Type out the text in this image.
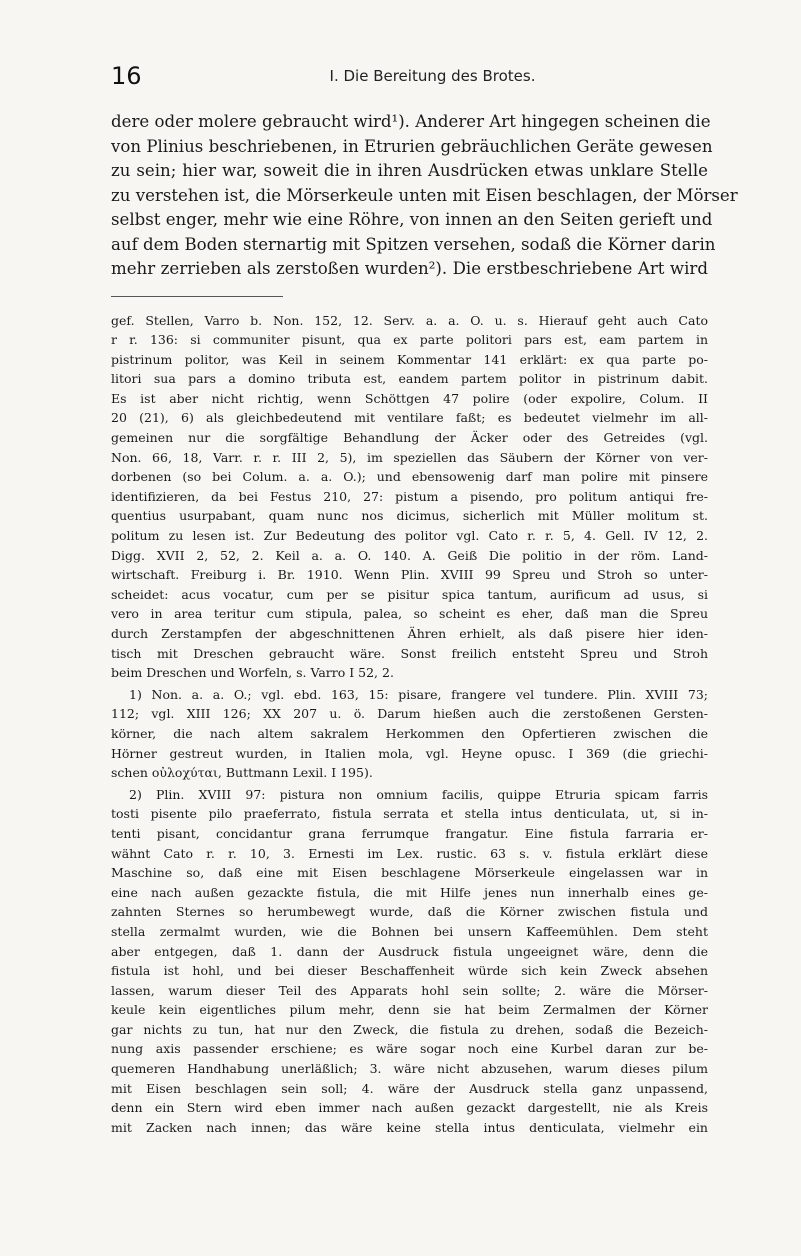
16	I. Die Bereitung des Brotes.
dere oder molere gebraucht wird¹). Anderer Art hingegen scheinen die
von Plinius beschriebenen, in Etrurien gebräuchlichen Geräte gewesen
zu sein; hier war, soweit die in ihren Ausdrücken etwas unklare Stelle
zu verstehen ist, die Mörserkeule unten mit Eisen beschlagen, der Mörser
selbst enger, mehr wie eine Röhre, von innen an den Seiten gerieft und
auf dem Boden sternartig mit Spitzen versehen, sodaß die Körner darin
mehr zerrieben als zerstoßen wurden²). Die erstbeschriebene Art wird
gef. Stellen, Varro b. Non. 152, 12. Serv. a. a. O. u. s. Hierauf geht auch Cato
r r. 136: si communiter pisunt, qua ex parte politori pars est, eam partem in
pistrinum politor, was Keil in seinem Kommentar 141 erklärt: ex qua parte po-
litori sua pars a domino tributa est, eandem partem politor in pistrinum dabit.
Es ist aber nicht richtig, wenn Schöttgen 47 polire (oder expolire, Colum. II
20 (21), 6) als gleichbedeutend mit ventilare faßt; es bedeutet vielmehr im all-
gemeinen nur die sorgfältige Behandlung der Äcker oder des Getreides (vgl.
Non. 66, 18, Varr. r. r. III 2, 5), im speziellen das Säubern der Körner von ver-
dorbenen (so bei Colum. a. a. O.); und ebensowenig darf man polire mit pinsere
identifizieren, da bei Festus 210, 27: pistum a pisendo, pro politum antiqui fre-
quentius usurpabant, quam nunc nos dicimus, sicherlich mit Müller molitum st.
politum zu lesen ist. Zur Bedeutung des politor vgl. Cato r. r. 5, 4. Gell. IV 12, 2.
Digg. XVII 2, 52, 2. Keil a. a. O. 140. A. Geiß Die politio in der röm. Land-
wirtschaft. Freiburg i. Br. 1910. Wenn Plin. XVIII 99 Spreu und Stroh so unter-
scheidet: acus vocatur, cum per se pisitur spica tantum, aurificum ad usus, si
vero in area teritur cum stipula, palea, so scheint es eher, daß man die Spreu
durch Zerstampfen der abgeschnittenen Ähren erhielt, als daß pisere hier iden-
tisch mit Dreschen gebraucht wäre. Sonst freilich entsteht Spreu und Stroh
beim Dreschen und Worfeln, s. Varro I 52, 2.
1) Non. a. a. O.; vgl. ebd. 163, 15: pisare, frangere vel tundere. Plin. XVIII 73;
112; vgl. XIII 126; XX 207 u. ö. Darum hießen auch die zerstoßenen Gersten-
körner, die nach altem sakralem Herkommen den Opfertieren zwischen die
Hörner gestreut wurden, in Italien mola, vgl. Heyne opusc. I 369 (die griechi-
schen οὐλοχύται, Buttmann Lexil. I 195).
2) Plin. XVIII 97: pistura non omnium facilis, quippe Etruria spicam farris
tosti pisente pilo praeferrato, fistula serrata et stella intus denticulata, ut, si in-
tenti pisant, concidantur grana ferrumque frangatur. Eine fistula farraria er-
wähnt Cato r. r. 10, 3. Ernesti im Lex. rustic. 63 s. v. fistula erklärt diese
Maschine so, daß eine mit Eisen beschlagene Mörserkeule eingelassen war in
eine nach außen gezackte fistula, die mit Hilfe jenes nun innerhalb eines ge-
zahnten Sternes so herumbewegt wurde, daß die Körner zwischen fistula und
stella zermalmt wurden, wie die Bohnen bei unsern Kaffeemühlen. Dem steht
aber entgegen, daß 1. dann der Ausdruck fistula ungeeignet wäre, denn die
fistula ist hohl, und bei dieser Beschaffenheit würde sich kein Zweck absehen
lassen, warum dieser Teil des Apparats hohl sein sollte; 2. wäre die Mörser-
keule kein eigentliches pilum mehr, denn sie hat beim Zermalmen der Körner
gar nichts zu tun, hat nur den Zweck, die fistula zu drehen, sodaß die Bezeich-
nung axis passender erschiene; es wäre sogar noch eine Kurbel daran zur be-
quemeren Handhabung unerläßlich; 3. wäre nicht abzusehen, warum dieses pilum
mit Eisen beschlagen sein soll; 4. wäre der Ausdruck stella ganz unpassend,
denn ein Stern wird eben immer nach außen gezackt dargestellt, nie als Kreis
mit Zacken nach innen; das wäre keine stella intus denticulata, vielmehr ein
